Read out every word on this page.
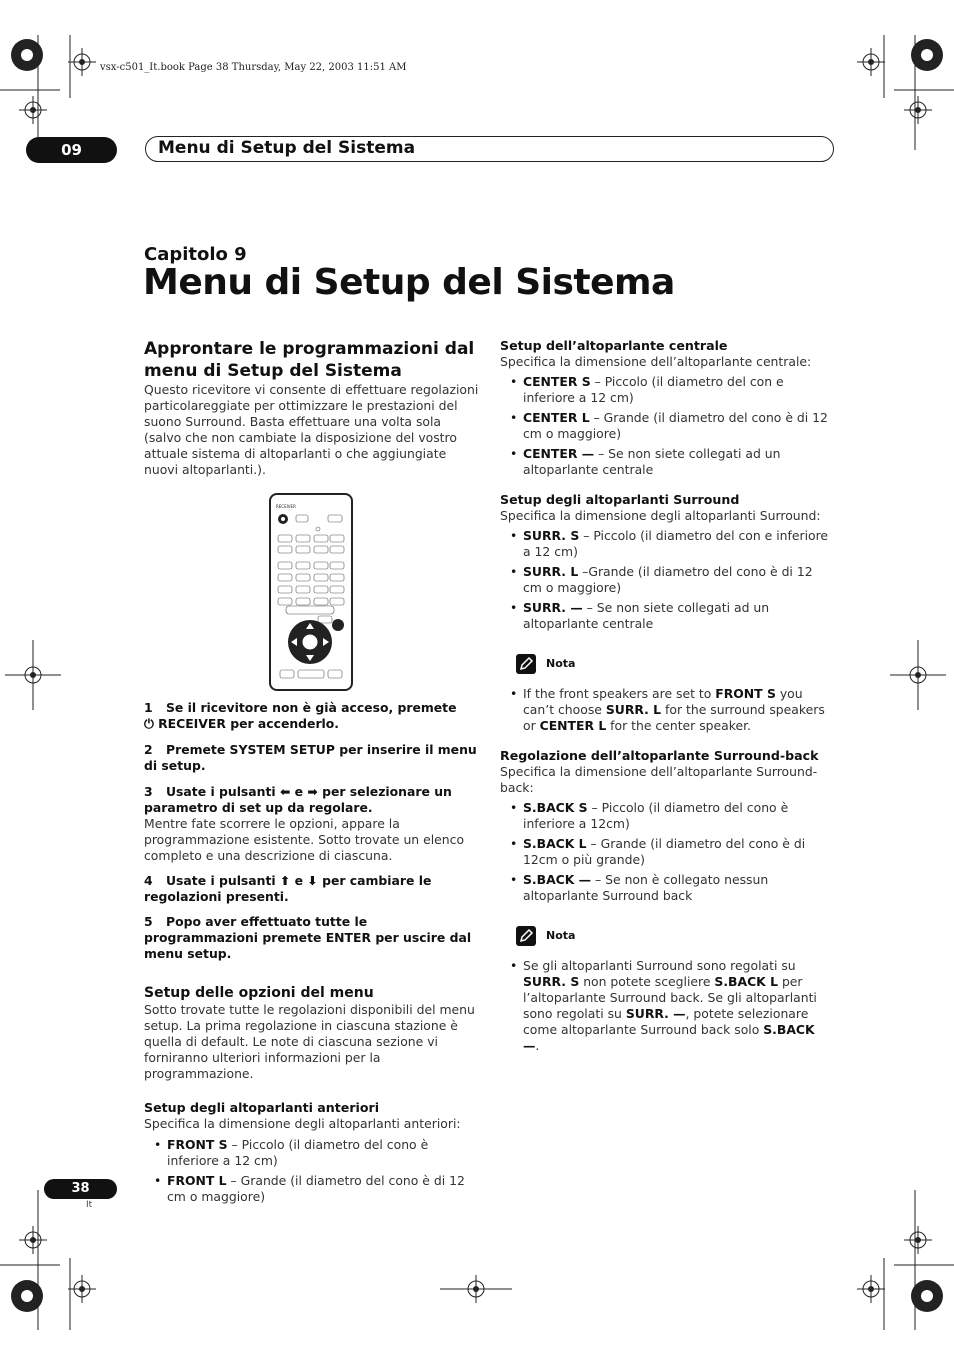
vsx-c501_It.book Page 38 Thursday, May 22, 2003 11:51 AM
09	Menu di Setup del Sistema
Capitolo 9
Menu di Setup del Sistema
Approntare le programmazioni dal menu di Setup del Sistema

Questo ricevitore vi consente di effettuare regolazioni particolareggiate per ottimizzare le prestazioni del suono Surround. Basta effettuare una volta sola (salvo che non cambiate la disposizione del vostro attuale sistema di altoparlanti o che aggiungiate nuovi altoparlanti.).

RECEIVER
1 Se il ricevitore non è già acceso, premete
⏻ RECEIVER per accenderlo.
2 Premete SYSTEM SETUP per inserire il menu di setup.
3 Usate i pulsanti ⬅ e ➡ per selezionare un parametro di set up da regolare.

Mentre fate scorrere le opzioni, appare la programmazione esistente. Sotto trovate un elenco completo e una descrizione di ciascuna.

4 Usate i pulsanti ⬆ e ⬇ per cambiare le regolazioni presenti.
5 Popo aver effettuato tutte le programmazioni premete ENTER per uscire dal menu setup.
Setup delle opzioni del menu

Sotto trovate tutte le regolazioni disponibili del menu setup. La prima regolazione in ciascuna stazione è quella di default. Le note di ciascuna sezione vi forniranno ulteriori informazioni per la programmazione.

Setup degli altoparlanti anteriori

Specifica la dimensione degli altoparlanti anteriori:

• FRONT S – Piccolo (il diametro del cono è inferiore a 12 cm)
• FRONT L – Grande (il diametro del cono è di 12 cm o maggiore)
Setup dell’altoparlante centrale

Specifica la dimensione dell’altoparlante centrale:

• CENTER S – Piccolo (il diametro del con e inferiore a 12 cm)
• CENTER L – Grande (il diametro del cono è di 12 cm o maggiore)
• CENTER — – Se non siete collegati ad un altoparlante centrale
Setup degli altoparlanti Surround

Specifica la dimensione degli altoparlanti Surround:

• SURR. S – Piccolo (il diametro del con e inferiore a 12 cm)
• SURR. L –Grande (il diametro del cono è di 12 cm o maggiore)
• SURR. — – Se non siete collegati ad un altoparlante centrale
Nota
• If the front speakers are set to FRONT S you can’t choose SURR. L for the surround speakers or CENTER L for the center speaker.
Regolazione dell’altoparlante Surround-back

Specifica la dimensione dell’altoparlante Surround-back:

• S.BACK S – Piccolo (il diametro del cono è inferiore a 12cm)
• S.BACK L – Grande (il diametro del cono è di 12cm o più grande)
• S.BACK — – Se non è collegato nessun altoparlante Surround back
Nota
• Se gli altoparlanti Surround sono regolati su SURR. S non potete scegliere S.BACK L per l’altoparlante Surround back. Se gli altoparlanti sono regolati su SURR. —, potete selezionare come altoparlante Surround back solo S.BACK —.
38
It
